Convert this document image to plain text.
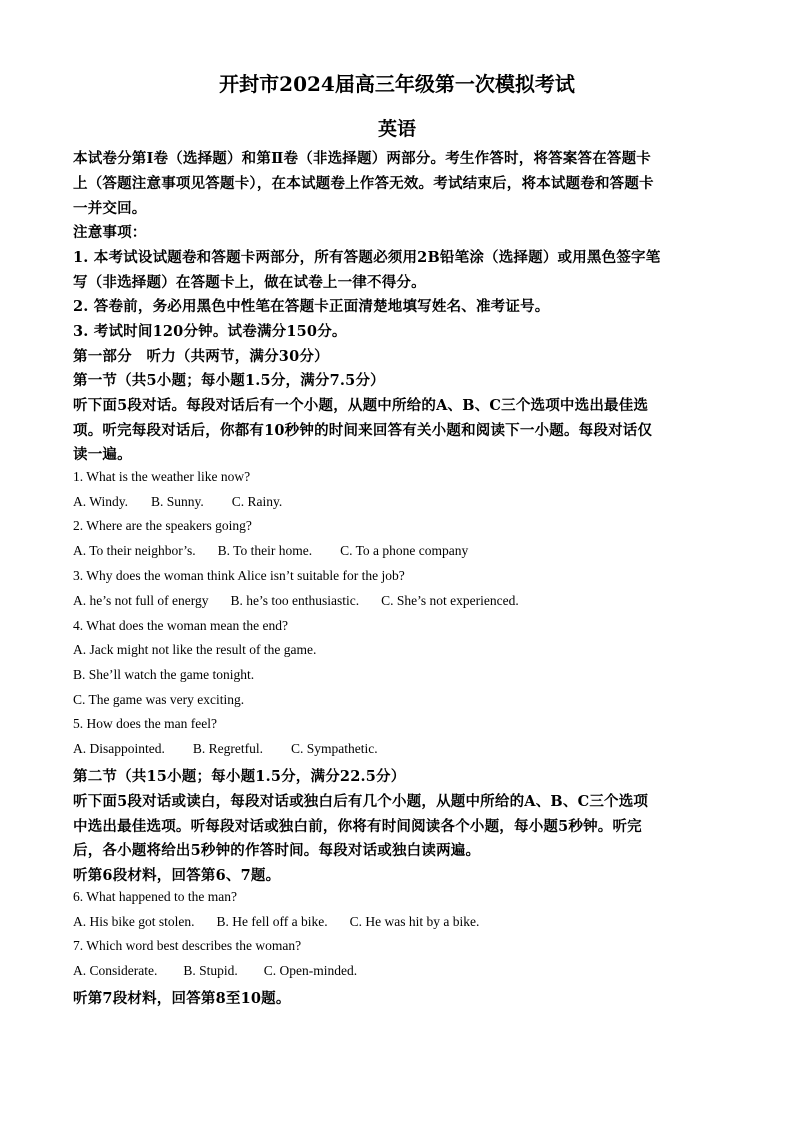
开封市2024届高三年级第一次模拟考试
英语
本试卷分第Ⅰ卷（选择题）和第Ⅱ卷（非选择题）两部分。考生作答时，将答案答在答题卡
上（答题注意事项见答题卡），在本试题卷上作答无效。考试结束后，将本试题卷和答题卡
一并交回。
注意事项：
1. 本考试设试题卷和答题卡两部分，所有答题必须用2B铅笔涂（选择题）或用黑色签字笔
写（非选择题）在答题卡上，做在试卷上一律不得分。
2. 答卷前，务必用黑色中性笔在答题卡正面清楚地填写姓名、准考证号。
3. 考试时间120分钟。试卷满分150分。
第一部分　听力（共两节，满分30分）
第一节（共5小题；每小题1.5分，满分7.5分）
听下面5段对话。每段对话后有一个小题，从题中所给的A、B、C三个选项中选出最佳选
项。听完每段对话后，你都有10秒钟的时间来回答有关小题和阅读下一小题。每段对话仅
读一遍。
1. What is the weather like now?
A. Windy. B. Sunny. C. Rainy.
2. Where are the speakers going?
A. To their neighbor’s. B. To their home. C. To a phone company
3. Why does the woman think Alice isn’t suitable for the job?
A. he’s not full of energy B. he’s too enthusiastic. C. She’s not experienced.
4. What does the woman mean the end?
A. Jack might not like the result of the game.
B. She’ll watch the game tonight.
C. The game was very exciting.
5. How does the man feel?
A. Disappointed. B. Regretful. C. Sympathetic.
第二节（共15小题；每小题1.5分，满分22.5分）
听下面5段对话或读白，每段对话或独白后有几个小题，从题中所给的A、B、C三个选项
中选出最佳选项。听每段对话或独白前，你将有时间阅读各个小题，每小题5秒钟。听完
后，各小题将给出5秒钟的作答时间。每段对话或独白读两遍。
听第6段材料，回答第6、7题。
6. What happened to the man?
A. His bike got stolen. B. He fell off a bike. C. He was hit by a bike.
7. Which word best describes the woman?
A. Considerate. B. Stupid. C. Open-minded.
听第7段材料，回答第8至10题。
